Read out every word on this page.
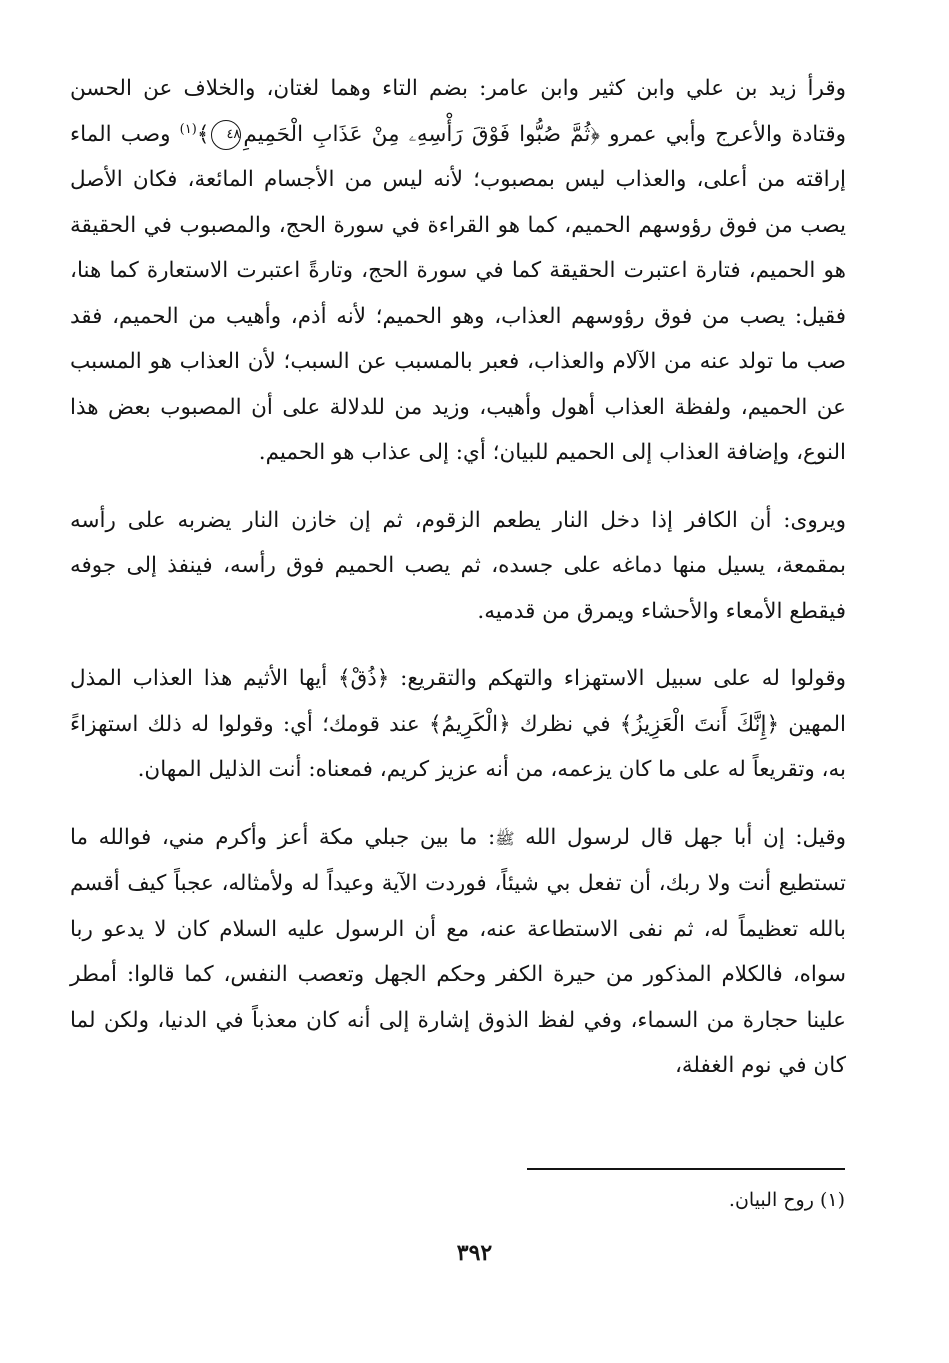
وقرأ زيد بن علي وابن كثير وابن عامر: بضم التاء وهما لغتان، والخلاف عن الحسن وقتادة والأعرج وأبي عمرو ﴿ثُمَّ صُبُّوا فَوْقَ رَأْسِهِۦ مِنْ عَذَابِ الْحَمِيمِ٤٨﴾$^{(١)}$ وصب الماء إراقته من أعلى، والعذاب ليس بمصبوب؛ لأنه ليس من الأجسام المائعة، فكان الأصل يصب من فوق رؤوسهم الحميم، كما هو القراءة في سورة الحج، والمصبوب في الحقيقة هو الحميم، فتارة اعتبرت الحقيقة كما في سورة الحج، وتارةً اعتبرت الاستعارة كما هنا، فقيل: يصب من فوق رؤوسهم العذاب، وهو الحميم؛ لأنه أذم، وأهيب من الحميم، فقد صب ما تولد عنه من الآلام والعذاب، فعبر بالمسبب عن السبب؛ لأن العذاب هو المسبب عن الحميم، ولفظة العذاب أهول وأهيب، وزيد من للدلالة على أن المصبوب بعض هذا النوع، وإضافة العذاب إلى الحميم للبيان؛ أي: إلى عذاب هو الحميم.

ويروى: أن الكافر إذا دخل النار يطعم الزقوم، ثم إن خازن النار يضربه على رأسه بمقمعة، يسيل منها دماغه على جسده، ثم يصب الحميم فوق رأسه، فينفذ إلى جوفه فيقطع الأمعاء والأحشاء ويمرق من قدميه.

وقولوا له على سبيل الاستهزاء والتهكم والتقريع: ﴿ذُقْ﴾ أيها الأثيم هذا العذاب المذل المهين ﴿إِنَّكَ أَنتَ الْعَزِيزُ﴾ في نظرك ﴿الْكَرِيمُ﴾ عند قومك؛ أي: وقولوا له ذلك استهزاءً به، وتقريعاً له على ما كان يزعمه، من أنه عزيز كريم، فمعناه: أنت الذليل المهان.

وقيل: إن أبا جهل قال لرسول الله ﷺ: ما بين جبلي مكة أعز وأكرم مني، فوالله ما تستطيع أنت ولا ربك، أن تفعل بي شيئاً، فوردت الآية وعيداً له ولأمثاله، عجباً كيف أقسم بالله تعظيماً له، ثم نفى الاستطاعة عنه، مع أن الرسول عليه السلام كان لا يدعو ربا سواه، فالكلام المذكور من حيرة الكفر وحكم الجهل وتعصب النفس، كما قالوا: أمطر علينا حجارة من السماء، وفي لفظ الذوق إشارة إلى أنه كان معذباً في الدنيا، ولكن لما كان في نوم الغفلة،

(١) روح البيان.
٣٩٢
